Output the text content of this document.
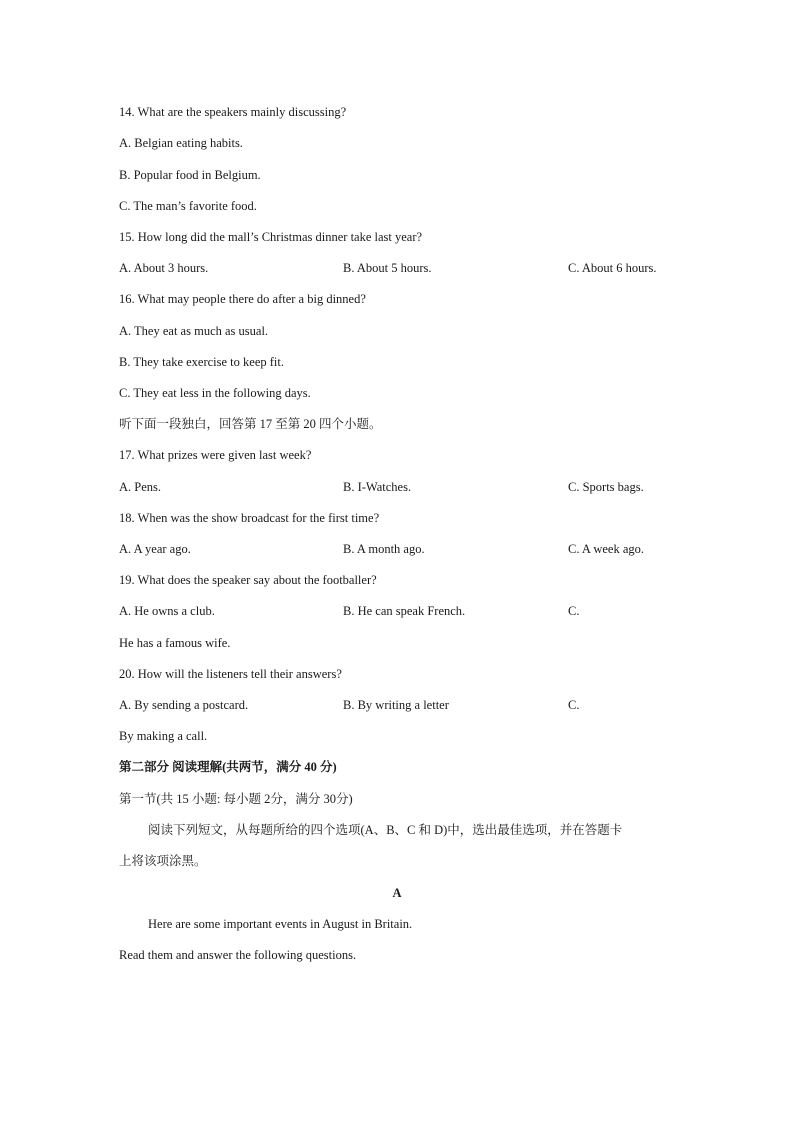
14. What are the speakers mainly discussing?
A. Belgian eating habits.
B. Popular food in Belgium.
C. The man’s favorite food.
15. How long did the mall’s Christmas dinner take last year?
A. About 3 hours.	B. About 5 hours.	C. About 6 hours.
16. What may people there do after a big dinned?
A. They eat as much as usual.
B. They take exercise to keep fit.
C. They eat less in the following days.
听下面一段独白，回答第 17 至第 20 四个小题。
17. What prizes were given last week?
A. Pens.	B. I-Watches.	C. Sports bags.
18. When was the show broadcast for the first time?
A. A year ago.	B. A month ago.	C. A week ago.
19. What does the speaker say about the footballer?
A. He owns a club.	B. He can speak French.	C.
He has a famous wife.
20. How will the listeners tell their answers?
A. By sending a postcard.	B. By writing a letter	C.
By making a call.
第二部分 阅读理解(共两节，满分 40 分)
第一节(共 15 小题: 每小题 2分，满分 30分)
阅读下列短文，从每题所给的四个选项(A、B、C 和 D)中，选出最佳选项，并在答题卡
上将该项涂黑。
A
Here are some important events in August in Britain.
Read them and answer the following questions.
